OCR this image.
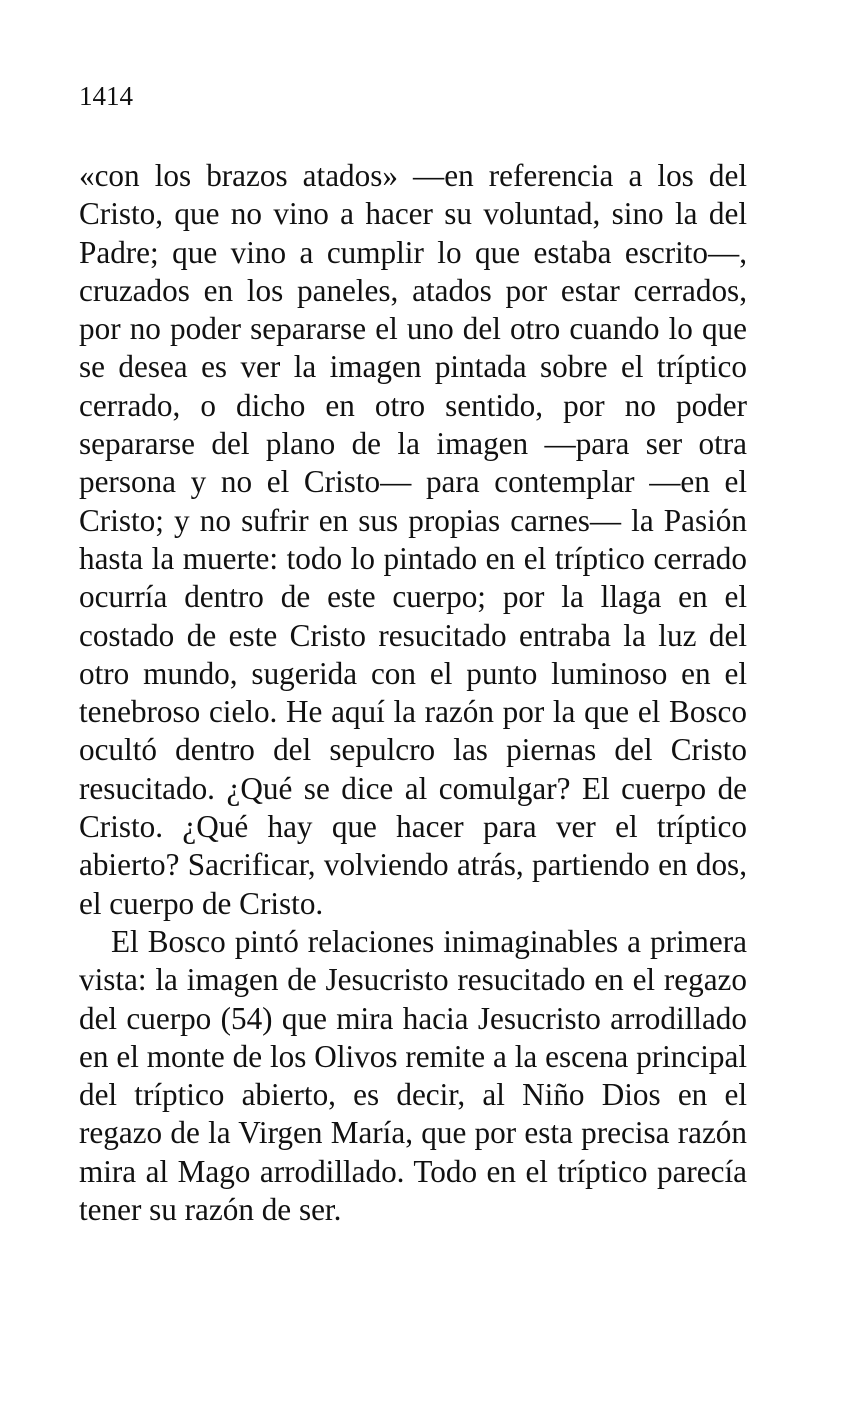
1414

«con los brazos atados» —en referencia a los del Cristo, que no vino a hacer su voluntad, sino la del Padre; que vino a cumplir lo que estaba escrito—, cruzados en los paneles, atados por estar cerrados, por no poder separarse el uno del otro cuando lo que se desea es ver la imagen pintada sobre el tríptico cerrado, o dicho en otro sentido, por no poder separarse del plano de la imagen —para ser otra persona y no el Cristo— para contemplar —en el Cristo; y no sufrir en sus propias carnes— la Pasión hasta la muerte: todo lo pintado en el tríptico cerrado ocurría dentro de este cuerpo; por la llaga en el costado de este Cristo resucitado entraba la luz del otro mundo, sugerida con el punto luminoso en el tenebroso cielo. He aquí la razón por la que el Bosco ocultó dentro del sepulcro las piernas del Cristo resucitado. ¿Qué se dice al comulgar? El cuerpo de Cristo. ¿Qué hay que hacer para ver el tríptico abierto? Sacrificar, volviendo atrás, partiendo en dos, el cuerpo de Cristo.

El Bosco pintó relaciones inimaginables a primera vista: la imagen de Jesucristo resucitado en el regazo del cuerpo (54) que mira hacia Jesucristo arrodillado en el monte de los Olivos remite a la escena principal del tríptico abierto, es decir, al Niño Dios en el regazo de la Virgen María, que por esta precisa razón mira al Mago arrodillado. Todo en el tríptico parecía tener su razón de ser.
